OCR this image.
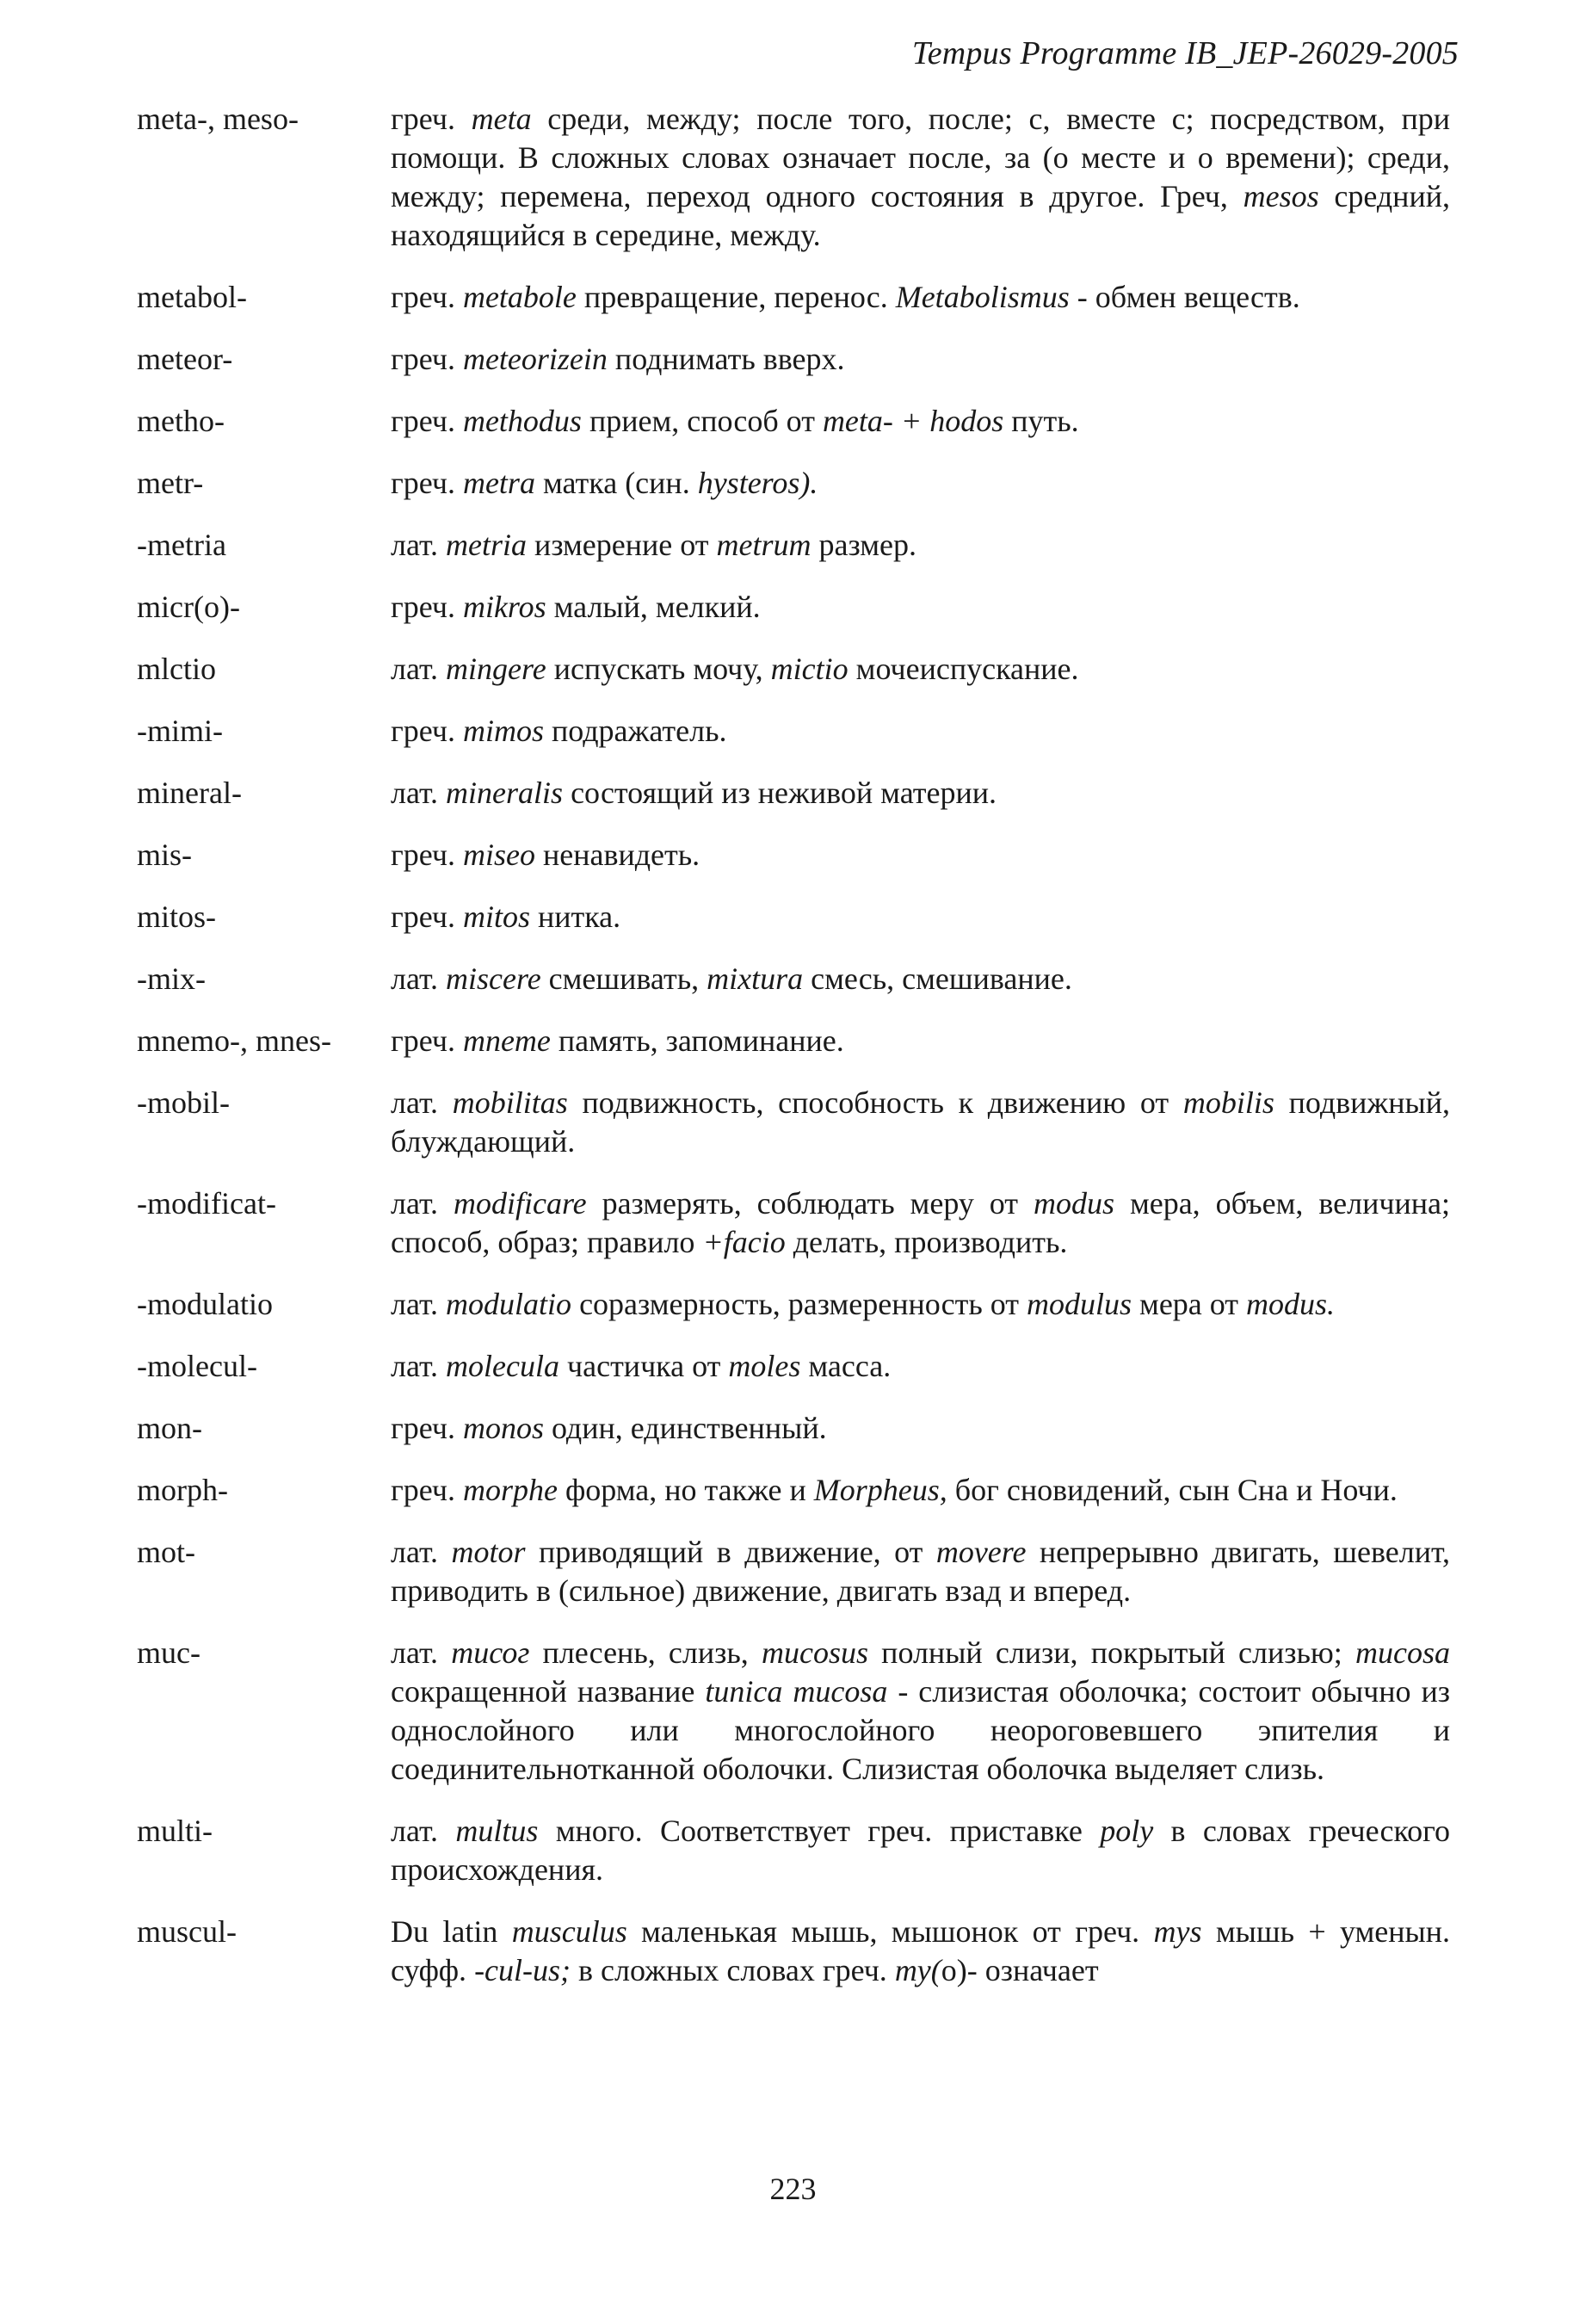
Tempus Programme IB_JEP-26029-2005
meta-, meso-	греч. meta среди, между; после того, после; с, вместе с; посредством, при помощи. В сложных словах означает после, за (о месте и о времени); среди, между; перемена, переход одного состояния в другое. Греч, mesos средний, находящийся в середине, между.
metabol-	греч. metabole превращение, перенос. Metabolismus - обмен веществ.
meteor-	греч. meteorizein поднимать вверх.
metho-	греч. methodus прием, способ от meta- + hodos путь.
metr-	греч. metra матка (син. hysteros).
-metria	лат. metria измерение от metrum размер.
micr(o)-	греч. mikros малый, мелкий.
mlctio	лат. mingere испускать мочу, mictio мочеиспускание.
-mimi-	греч. mimos подражатель.
mineral-	лат. mineralis состоящий из неживой материи.
mis-	греч. miseo ненавидеть.
mitos-	греч. mitos нитка.
-mix-	лат. miscere смешивать, mixtura смесь, смешивание.
mnemo-, mnes-	греч. mneme память, запоминание.
-mobil-	лат. mobilitas подвижность, способность к движению от mobilis подвижный, блуждающий.
-modificat-	лат. modificare размерять, соблюдать меру от modus мера, объем, величина; способ, образ; правило +facio делать, производить.
-modulatio	лат. modulatio соразмерность, размеренность от modulus мера от modus.
-molecul-	лат. molecula частичка от moles масса.
mon-	греч. monos один, единственный.
morph-	греч. morphe форма, но также и Morpheus, бог сновидений, сын Сна и Ночи.
mot-	лат. motor приводящий в движение, от movere непрерывно двигать, шевелит, приводить в (сильное) движение, двигать взад и вперед.
muc-	лат. тисог плесень, слизь, mucosus полный слизи, покрытый слизью; mucosa сокращенной название tunica mucosa - слизистая оболочка; состоит обычно из однослойного или многослойного неороговевшего эпителия и соединительнотканной оболочки. Слизистая оболочка выделяет слизь.
multi-	лат. multus много. Соответствует греч. приставке poly в словах греческого происхождения.
muscul-	Du latin musculus маленькая мышь, мышонок от греч. mys мышь + уменын. суфф. -cul-us; в сложных словах греч. my(o)- означает
223
